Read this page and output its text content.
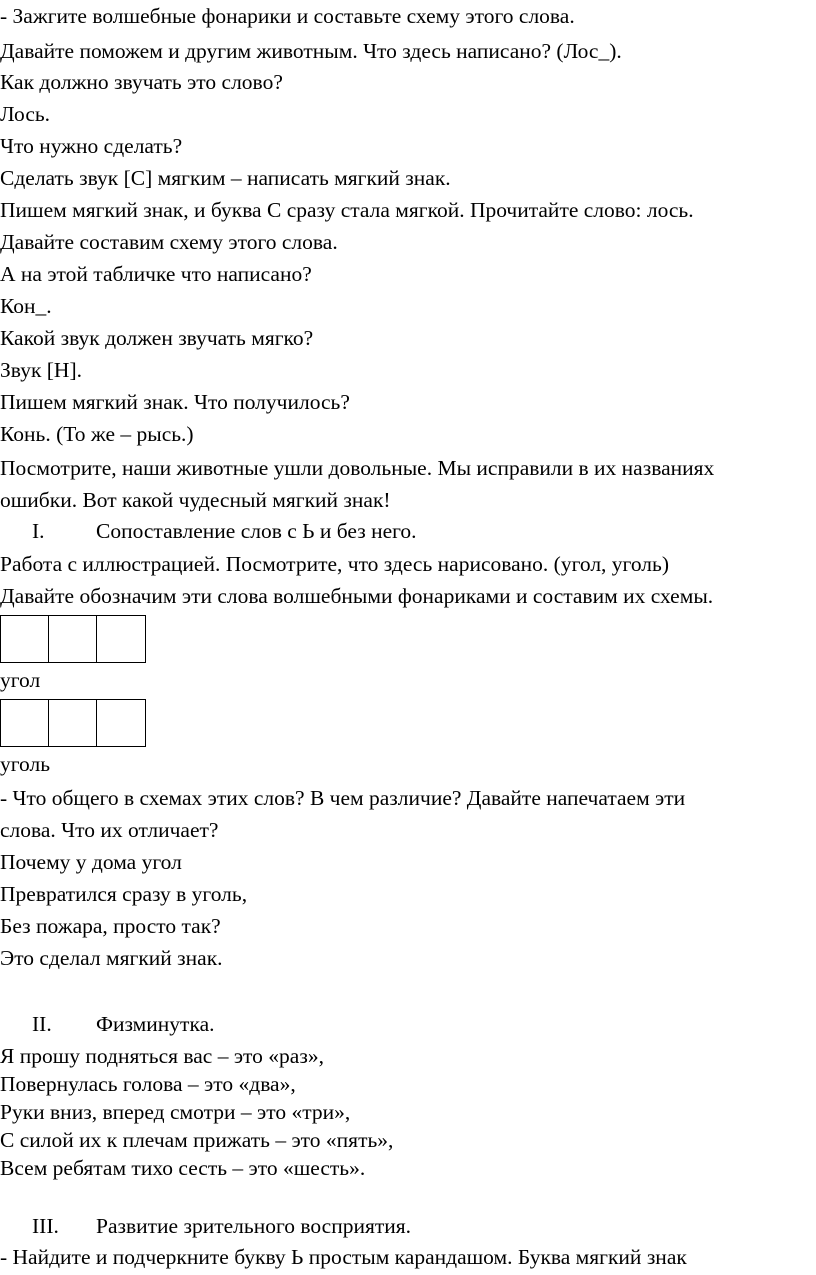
- Зажгите волшебные фонарики и составьте схему этого слова.
Давайте поможем и другим животным. Что здесь написано? (Лос_).
Как должно звучать это слово?
Лось.
Что нужно сделать?
Сделать звук [С] мягким – написать мягкий знак.
Пишем мягкий знак, и буква С сразу стала мягкой. Прочитайте слово: лось.
Давайте составим схему этого слова.
А на этой табличке что написано?
Кон_.
Какой звук должен звучать мягко?
Звук [Н].
Пишем мягкий знак. Что получилось?
Конь. (То же – рысь.)
Посмотрите, наши животные ушли довольные. Мы исправили в их названиях
ошибки. Вот какой чудесный мягкий знак!
I. Сопоставление слов с Ь и без него.
Работа с иллюстрацией. Посмотрите, что здесь нарисовано. (угол, уголь)
Давайте обозначим эти слова волшебными фонариками и составим их схемы.
угол
уголь
- Что общего в схемах этих слов? В чем различие? Давайте напечатаем эти
слова. Что их отличает?
Почему у дома угол
Превратился сразу в уголь,
Без пожара, просто так?
Это сделал мягкий знак.
II. Физминутка.
Я прошу подняться вас – это «раз»,
Повернулась голова – это «два»,
Руки вниз, вперед смотри – это «три»,
С силой их к плечам прижать – это «пять»,
Всем ребятам тихо сесть – это «шесть».
III. Развитие зрительного восприятия.
- Найдите и подчеркните букву Ь простым карандашом. Буква мягкий знак
